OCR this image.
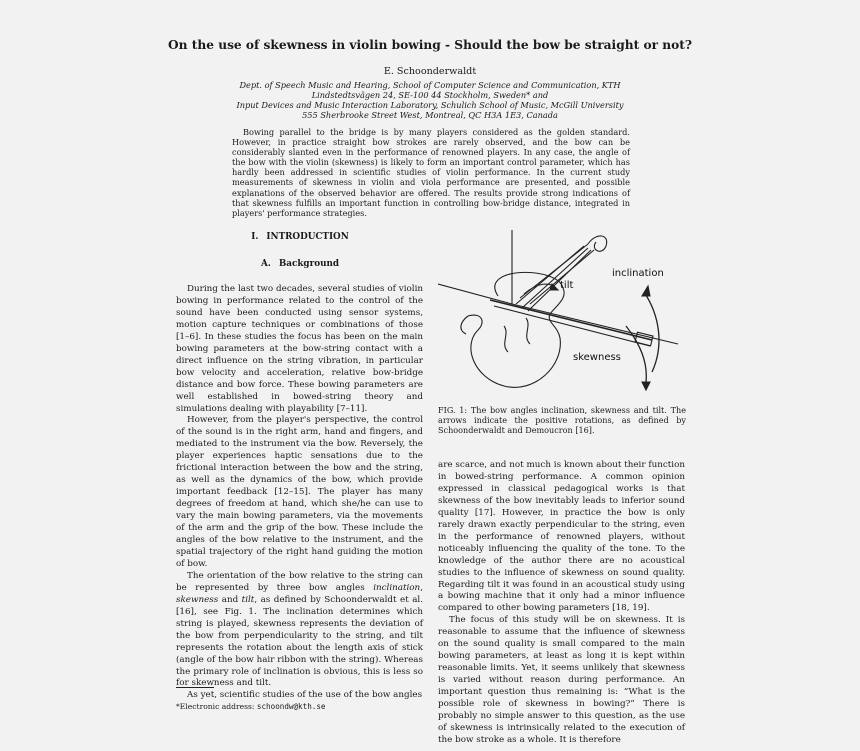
On the use of skewness in violin bowing - Should the bow be straight or not?
E. Schoonderwaldt
Dept. of Speech Music and Hearing, School of Computer Science and Communication, KTH
Lindstedtsvägen 24, SE-100 44 Stockholm, Sweden* and
Input Devices and Music Interaction Laboratory, Schulich School of Music, McGill University
555 Sherbrooke Street West, Montreal, QC H3A 1E3, Canada

Bowing parallel to the bridge is by many players considered as the golden standard. However, in practice straight bow strokes are rarely observed, and the bow can be considerably slanted even in the performance of renowned players. In any case, the angle of the bow with the violin (skewness) is likely to form an important control parameter, which has hardly been addressed in scientific studies of violin performance. In the current study measurements of skewness in violin and viola performance are presented, and possible explanations of the observed behavior are offered. The results provide strong indications of that skewness fulfills an important function in controlling bow-bridge distance, integrated in players' performance strategies.

I. INTRODUCTION
A. Background

During the last two decades, several studies of violin bowing in performance related to the control of the sound have been conducted using sensor systems, motion capture techniques or combinations of those [1–6]. In these studies the focus has been on the main bowing parameters at the bow-string contact with a direct influence on the string vibration, in particular bow velocity and acceleration, relative bow-bridge distance and bow force. These bowing parameters are well established in bowed-string theory and simulations dealing with playability [7–11].

However, from the player's perspective, the control of the sound is in the right arm, hand and fingers, and mediated to the instrument via the bow. Reversely, the player experiences haptic sensations due to the frictional interaction between the bow and the string, as well as the dynamics of the bow, which provide important feedback [12–15]. The player has many degrees of freedom at hand, which she/he can use to vary the main bowing parameters, via the movements of the arm and the grip of the bow. These include the angles of the bow relative to the instrument, and the spatial trajectory of the right hand guiding the motion of bow.

The orientation of the bow relative to the string can be represented by three bow angles inclination, skewness and tilt, as defined by Schoonderwaldt et al. [16], see Fig. 1. The inclination determines which string is played, skewness represents the deviation of the bow from perpendicularity to the string, and tilt represents the rotation about the length axis of stick (angle of the bow hair ribbon with the string). Whereas the primary role of inclination is obvious, this is less so for skewness and tilt.

As yet, scientific studies of the use of the bow angles

inclination
tilt
skewness

FIG. 1: The bow angles inclination, skewness and tilt. The arrows indicate the positive rotations, as defined by Schoonderwaldt and Demoucron [16].

are scarce, and not much is known about their function in bowed-string performance. A common opinion expressed in classical pedagogical works is that skewness of the bow inevitably leads to inferior sound quality [17]. However, in practice the bow is only rarely drawn exactly perpendicular to the string, even in the performance of renowned players, without noticeably influencing the quality of the tone. To the knowledge of the author there are no acoustical studies to the influence of skewness on sound quality. Regarding tilt it was found in an acoustical study using a bowing machine that it only had a minor influence compared to other bowing parameters [18, 19].

The focus of this study will be on skewness. It is reasonable to assume that the influence of skewness on the sound quality is small compared to the main bowing parameters, at least as long it is kept within reasonable limits. Yet, it seems unlikely that skewness is varied without reason during performance. An important question thus remaining is: “What is the possible role of skewness in bowing?” There is probably no simple answer to this question, as the use of skewness is intrinsically related to the execution of the bow stroke as a whole. It is therefore

*Electronic address: schoondw@kth.se
